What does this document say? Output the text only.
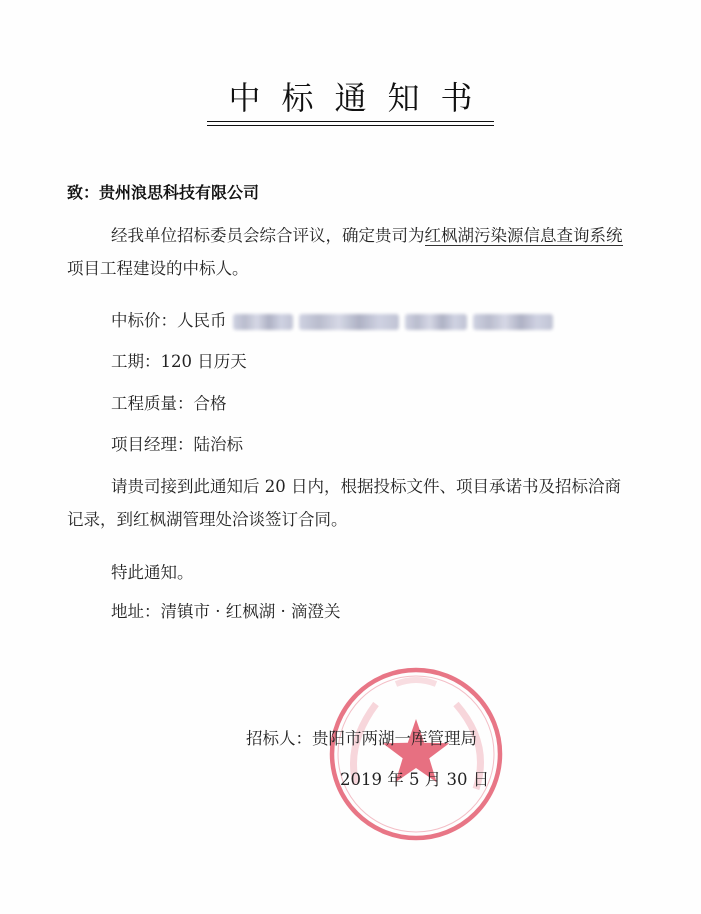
中标通知书
致：贵州浪思科技有限公司

经我单位招标委员会综合评议，确定贵司为红枫湖污染源信息查询系统项目工程建设的中标人。

中标价：人民币
工期：120 日历天
工程质量：合格
项目经理：陆治标

请贵司接到此通知后 20 日内，根据投标文件、项目承诺书及招标洽商记录，到红枫湖管理处洽谈签订合同。

特此通知。
地址：清镇市 · 红枫湖 · 滴澄关
招标人：贵阳市两湖一库管理局
2019 年 5 月 30 日
